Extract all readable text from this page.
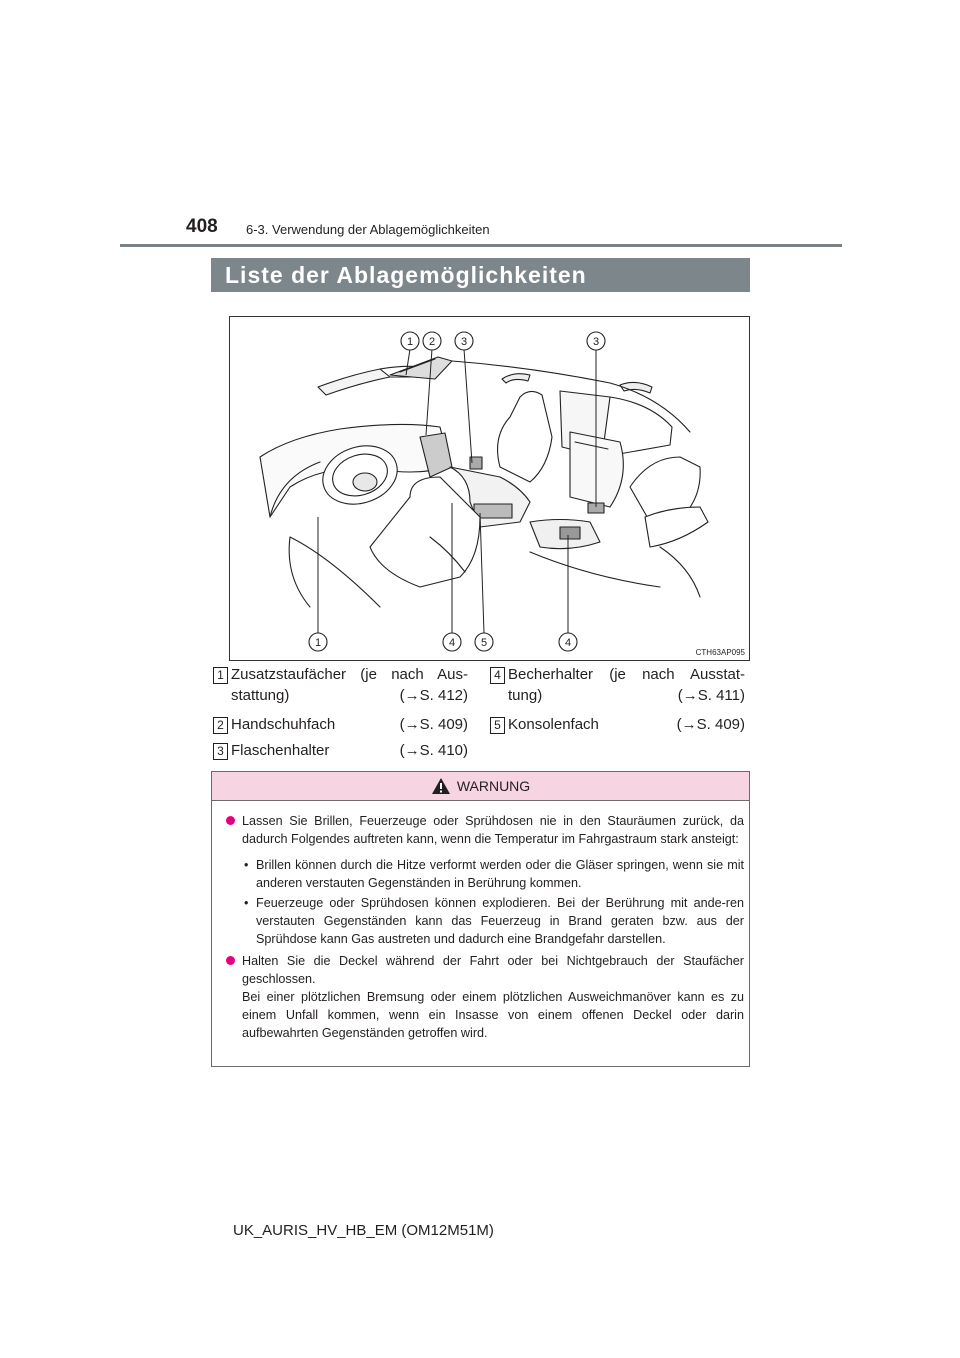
408 6-3. Verwendung der Ablagemöglichkeiten
Liste der Ablagemöglichkeiten
1 2 3	3
1	4 5	4
CTH63AP095
1 Zusatzstaufächer (je nach Aus-
stattung)	(→S. 412)
2 Handschuhfach	(→S. 409)
3 Flaschenhalter	(→S. 410)
4 Becherhalter (je nach Ausstat-
tung)	(→S. 411)
5 Konsolenfach	(→S. 409)
WARNUNG
Lassen Sie Brillen, Feuerzeuge oder Sprühdosen nie in den Stauräumen zurück, da dadurch Folgendes auftreten kann, wenn die Temperatur im Fahrgastraum stark ansteigt:
• Brillen können durch die Hitze verformt werden oder die Gläser springen, wenn sie mit anderen verstauten Gegenständen in Berührung kommen.
• Feuerzeuge oder Sprühdosen können explodieren. Bei der Berührung mit ande-ren verstauten Gegenständen kann das Feuerzeug in Brand geraten bzw. aus der Sprühdose kann Gas austreten und dadurch eine Brandgefahr darstellen.
Halten Sie die Deckel während der Fahrt oder bei Nichtgebrauch der Staufächer geschlossen.
Bei einer plötzlichen Bremsung oder einem plötzlichen Ausweichmanöver kann es zu einem Unfall kommen, wenn ein Insasse von einem offenen Deckel oder darin aufbewahrten Gegenständen getroffen wird.
UK_AURIS_HV_HB_EM (OM12M51M)
